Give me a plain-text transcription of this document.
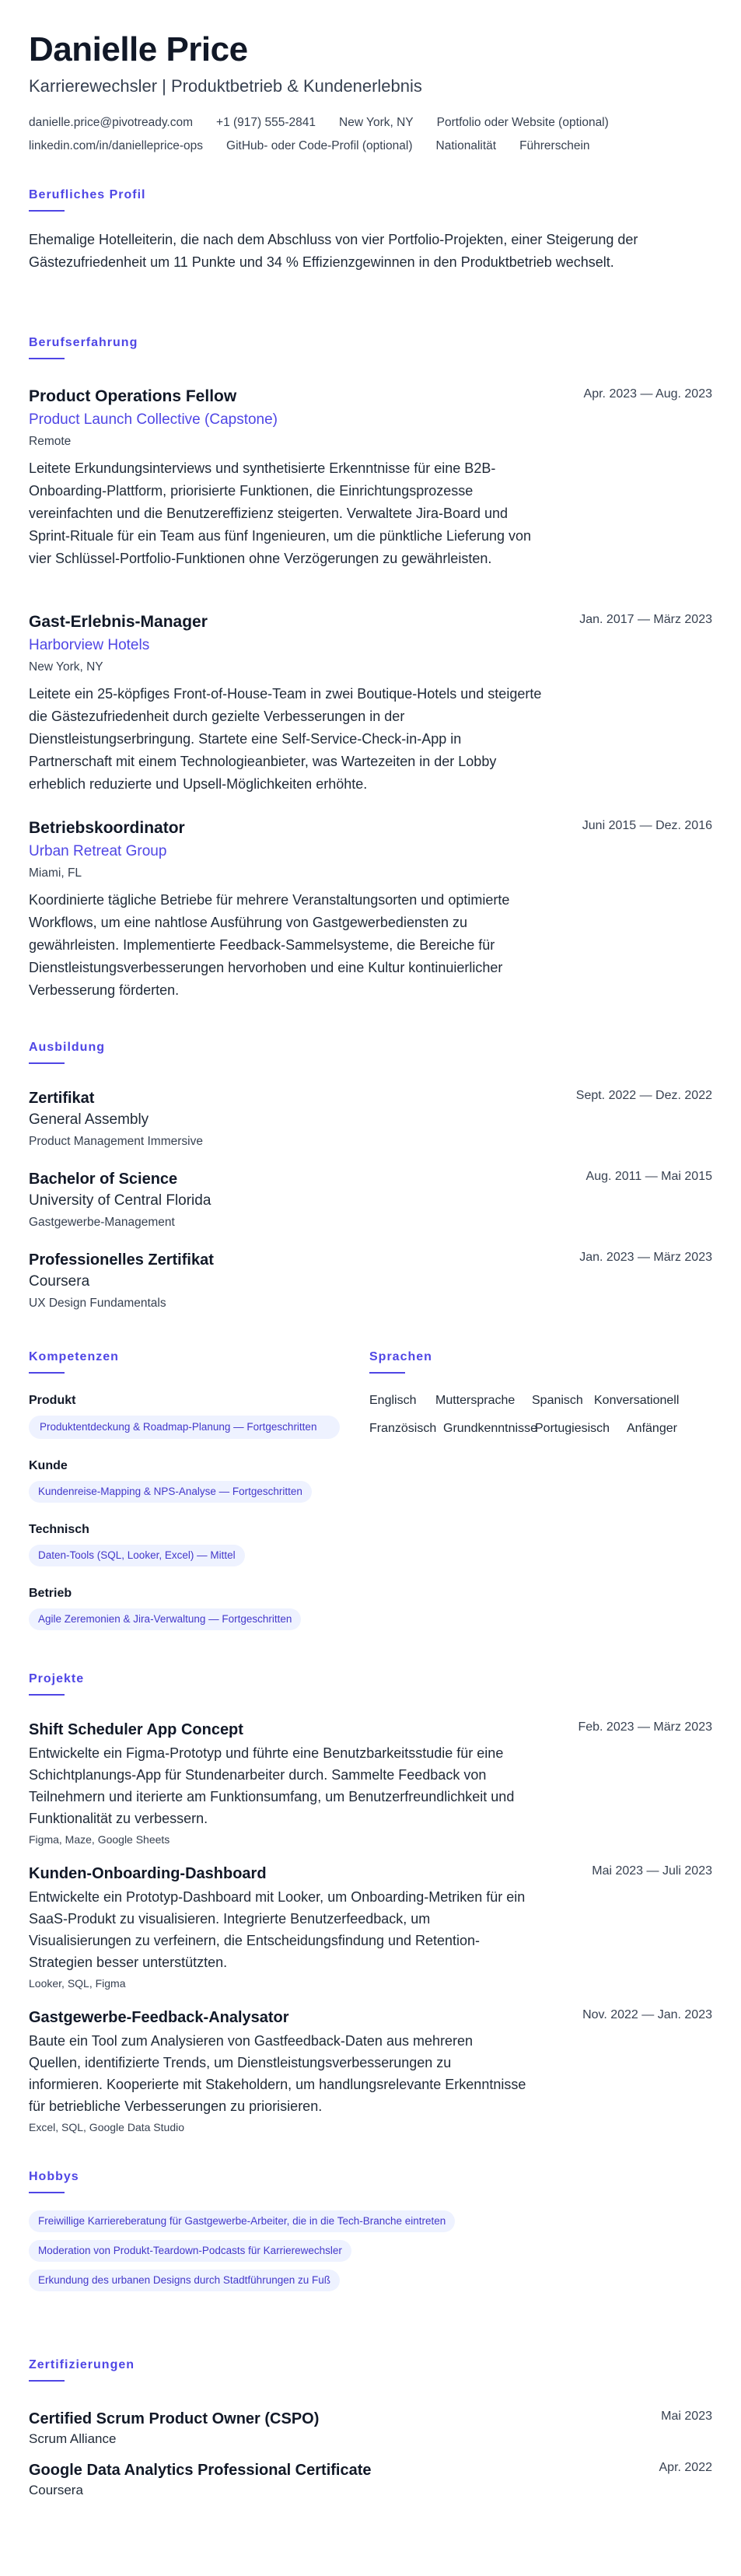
Danielle Price
Karrierewechsler | Produktbetrieb & Kundenerlebnis
danielle.price@pivotready.com +1 (917) 555-2841 New York, NY Portfolio oder Website (optional)
linkedin.com/in/danielleprice-ops GitHub- oder Code-Profil (optional) Nationalität Führerschein
Berufliches Profil

Ehemalige Hotelleiterin, die nach dem Abschluss von vier Portfolio-Projekten, einer Steigerung der Gästezufriedenheit um 11 Punkte und 34 % Effizienzgewinnen in den Produktbetrieb wechselt.

Berufserfahrung
Product Operations Fellow	Apr. 2023 — Aug. 2023
Product Launch Collective (Capstone)
Remote
Leitete Erkundungsinterviews und synthetisierte Erkenntnisse für eine B2B-Onboarding-Plattform, priorisierte Funktionen, die Einrichtungsprozesse vereinfachten und die Benutzereffizienz steigerten. Verwaltete Jira-Board und Sprint-Rituale für ein Team aus fünf Ingenieuren, um die pünktliche Lieferung von vier Schlüssel-Portfolio-Funktionen ohne Verzögerungen zu gewährleisten.
Gast-Erlebnis-Manager	Jan. 2017 — März 2023
Harborview Hotels
New York, NY
Leitete ein 25-köpfiges Front-of-House-Team in zwei Boutique-Hotels und steigerte die Gästezufriedenheit durch gezielte Verbesserungen in der Dienstleistungserbringung. Startete eine Self-Service-Check-in-App in Partnerschaft mit einem Technologieanbieter, was Wartezeiten in der Lobby erheblich reduzierte und Upsell-Möglichkeiten erhöhte.
Betriebskoordinator	Juni 2015 — Dez. 2016
Urban Retreat Group
Miami, FL
Koordinierte tägliche Betriebe für mehrere Veranstaltungsorten und optimierte Workflows, um eine nahtlose Ausführung von Gastgewerbediensten zu gewährleisten. Implementierte Feedback-Sammelsysteme, die Bereiche für Dienstleistungsverbesserungen hervorhoben und eine Kultur kontinuierlicher Verbesserung förderten.
Ausbildung
Zertifikat	Sept. 2022 — Dez. 2022
General Assembly
Product Management Immersive
Bachelor of Science	Aug. 2011 — Mai 2015
University of Central Florida
Gastgewerbe-Management
Professionelles Zertifikat	Jan. 2023 — März 2023
Coursera
UX Design Fundamentals
Kompetenzen
Produkt
Produktentdeckung & Roadmap-Planung — Fortgeschritten
Kunde
Kundenreise-Mapping & NPS-Analyse — Fortgeschritten
Technisch
Daten-Tools (SQL, Looker, Excel) — Mittel
Betrieb
Agile Zeremonien & Jira-Verwaltung — Fortgeschritten
Sprachen
Englisch	Muttersprache	Spanisch Konversationell
Französisch Grundkenntnisse
Portugiesisch	Anfänger
Projekte
Shift Scheduler App Concept	Feb. 2023 — März 2023
Entwickelte ein Figma-Prototyp und führte eine Benutzbarkeitsstudie für eine Schichtplanungs-App für Stundenarbeiter durch. Sammelte Feedback von Teilnehmern und iterierte am Funktionsumfang, um Benutzerfreundlichkeit und Funktionalität zu verbessern.
Figma, Maze, Google Sheets
Kunden-Onboarding-Dashboard	Mai 2023 — Juli 2023
Entwickelte ein Prototyp-Dashboard mit Looker, um Onboarding-Metriken für ein SaaS-Produkt zu visualisieren. Integrierte Benutzerfeedback, um Visualisierungen zu verfeinern, die Entscheidungsfindung und Retention-Strategien besser unterstützten.
Looker, SQL, Figma
Gastgewerbe-Feedback-Analysator	Nov. 2022 — Jan. 2023
Baute ein Tool zum Analysieren von Gastfeedback-Daten aus mehreren Quellen, identifizierte Trends, um Dienstleistungsverbesserungen zu informieren. Kooperierte mit Stakeholdern, um handlungsrelevante Erkenntnisse für betriebliche Verbesserungen zu priorisieren.
Excel, SQL, Google Data Studio
Hobbys
Freiwillige Karriereberatung für Gastgewerbe-Arbeiter, die in die Tech-Branche eintreten
Moderation von Produkt-Teardown-Podcasts für Karrierewechsler
Erkundung des urbanen Designs durch Stadtführungen zu Fuß
Zertifizierungen
Certified Scrum Product Owner (CSPO)	Mai 2023
Scrum Alliance
Google Data Analytics Professional Certificate	Apr. 2022
Coursera
